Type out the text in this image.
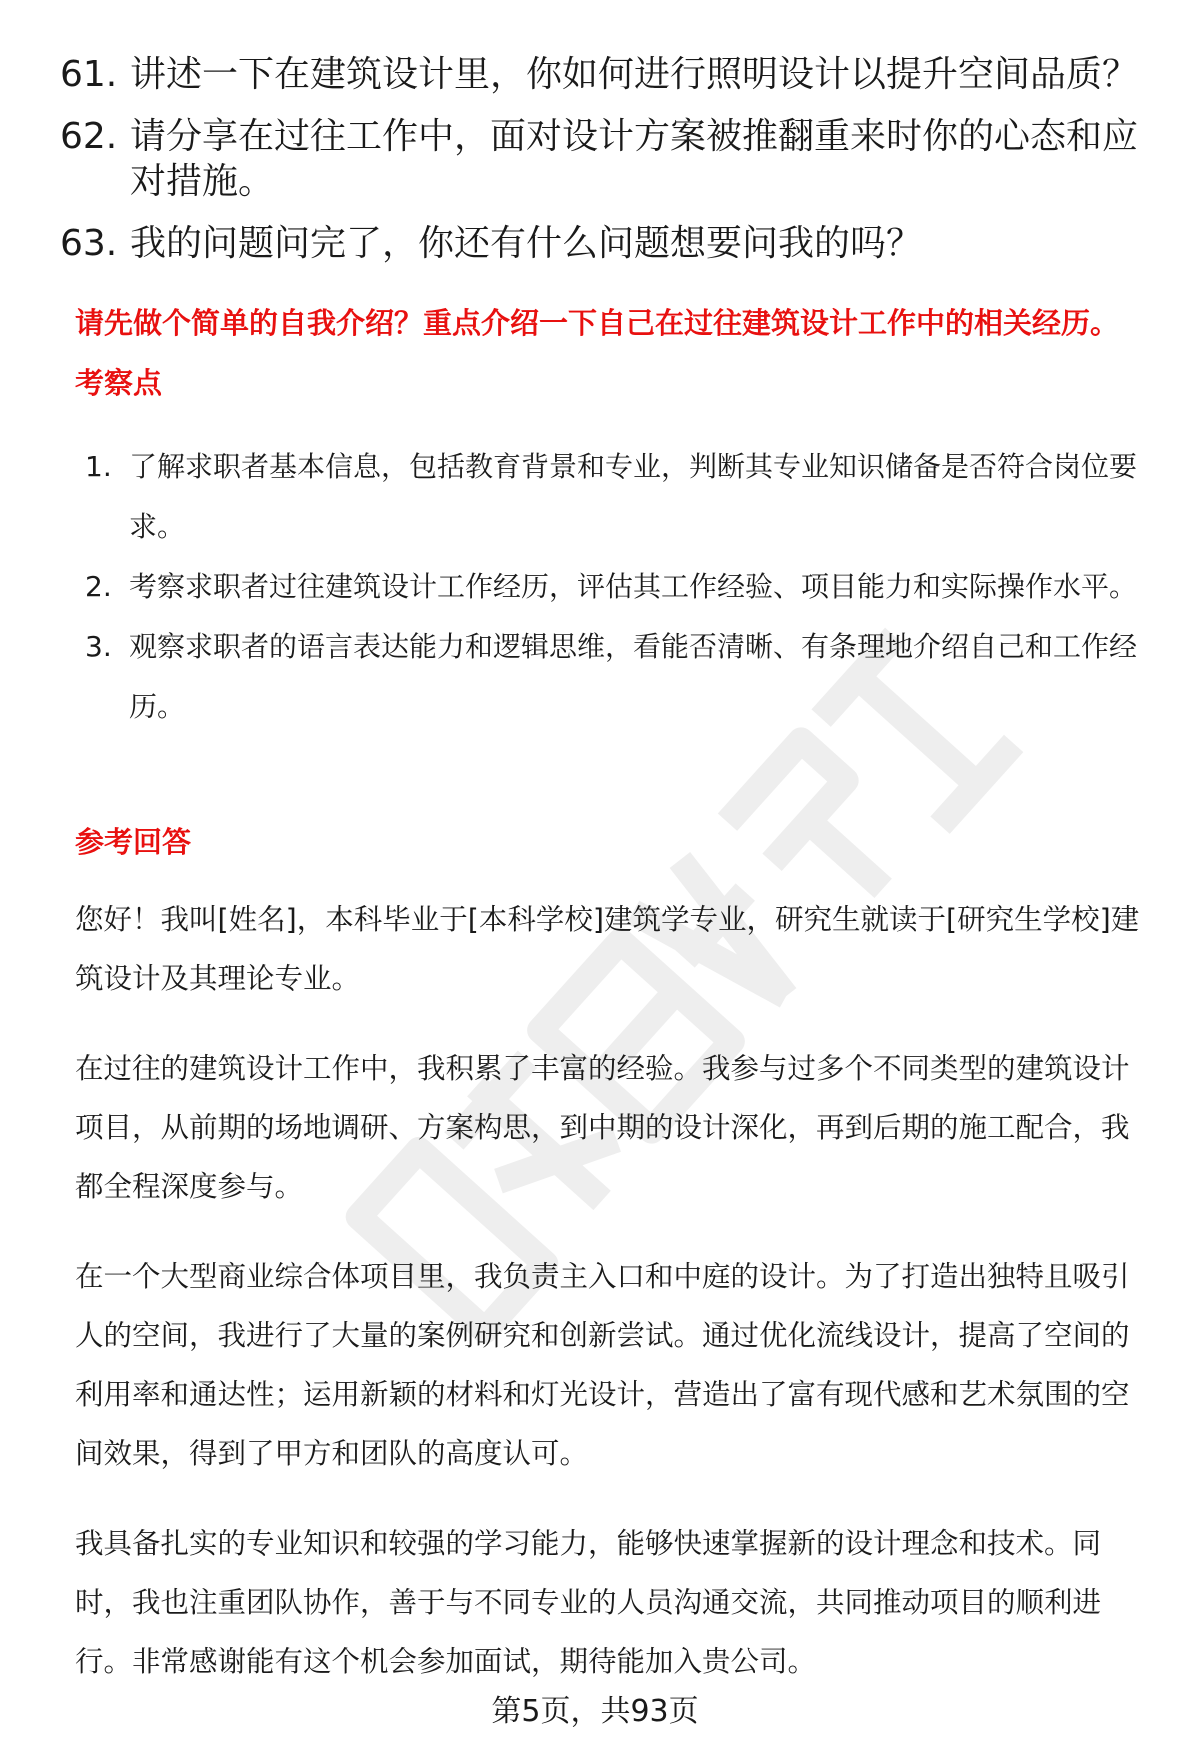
61. 讲述一下在建筑设计里，你如何进行照明设计以提升空间品质？
62. 请分享在过往工作中，面对设计方案被推翻重来时你的心态和应对措施。
63. 我的问题问完了，你还有什么问题想要问我的吗？
请先做个简单的自我介绍？重点介绍一下自己在过往建筑设计工作中的相关经历。
考察点
1. 了解求职者基本信息，包括教育背景和专业，判断其专业知识储备是否符合岗位要求。
2. 考察求职者过往建筑设计工作经历，评估其工作经验、项目能力和实际操作水平。
3. 观察求职者的语言表达能力和逻辑思维，看能否清晰、有条理地介绍自己和工作经历。
参考回答

您好！我叫[姓名]，本科毕业于[本科学校]建筑学专业，研究生就读于[研究生学校]建筑设计及其理论专业。

在过往的建筑设计工作中，我积累了丰富的经验。我参与过多个不同类型的建筑设计项目，从前期的场地调研、方案构思，到中期的设计深化，再到后期的施工配合，我都全程深度参与。

在一个大型商业综合体项目里，我负责主入口和中庭的设计。为了打造出独特且吸引人的空间，我进行了大量的案例研究和创新尝试。通过优化流线设计，提高了空间的利用率和通达性；运用新颖的材料和灯光设计，营造出了富有现代感和艺术氛围的空间效果，得到了甲方和团队的高度认可。

我具备扎实的专业知识和较强的学习能力，能够快速掌握新的设计理念和技术。同时，我也注重团队协作，善于与不同专业的人员沟通交流，共同推动项目的顺利进行。非常感谢能有这个机会参加面试，期待能加入贵公司。

第5页，共93页
